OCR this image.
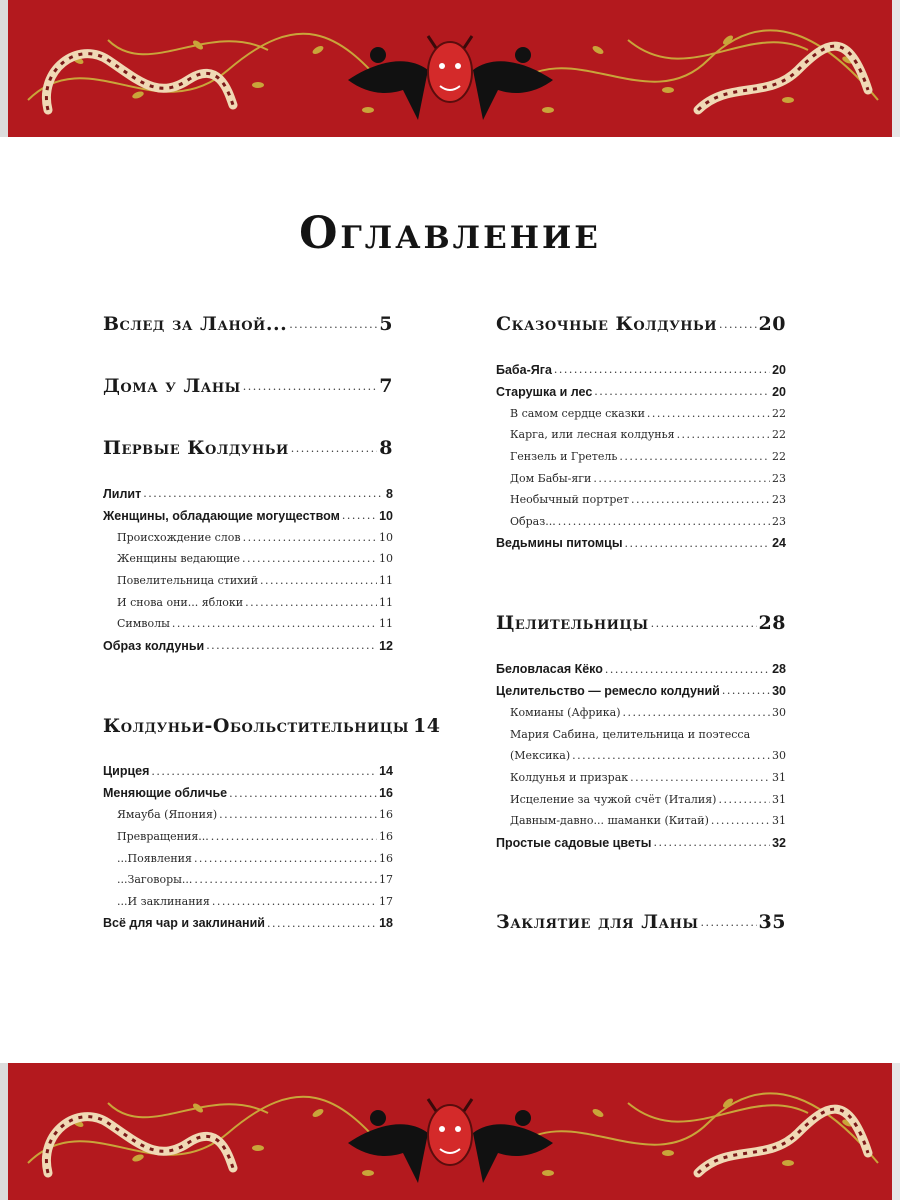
Оглавление
Вслед за Ланой... . . .	5
Дома у Ланы . . .	7
Первые Колдуньи . . .	8
Лилит . . .	8
Женщины, обладающие могуществом . . .	10
Происхождение слов . . .	10
Женщины ведающие . . .	10
Повелительница стихий . . .	11
И снова они... яблоки . . .	11
Символы . . .	11
Образ колдуньи . . .	12
Колдуньи-Обольстительницы 14
Цирцея . . .	14
Меняющие обличье . . .	16
Ямауба (Япония) . . .	16
Превращения... . . .	16
...Появления . . .	16
...Заговоры... . . .	17
...И заклинания . . .	17
Всё для чар и заклинаний . . .	18
Сказочные Колдуньи . . . 20
Баба-Яга . . .	20
Старушка и лес . . .	20
В самом сердце сказки . . .	22
Карга, или лесная колдунья . . .	22
Гензель и Гретель . . .	22
Дом Бабы-яги . . .	23
Необычный портрет . . .	23
Образ... . . .	23
Ведьмины питомцы . . .	24
Целительницы . . .	28
Беловласая Кёко . . .	28
Целительство — ремесло колдуний . . .	30
Комианы (Африка) . . .	30
Мария Сабина, целительница и поэтесса
(Мексика) . . .	30
Колдунья и призрак . . .	31
Исцеление за чужой счёт (Италия) . . .	31
Давным-давно... шаманки (Китай) . . .	31
Простые садовые цветы . . .	32
Заклятие для Ланы . . .	35
